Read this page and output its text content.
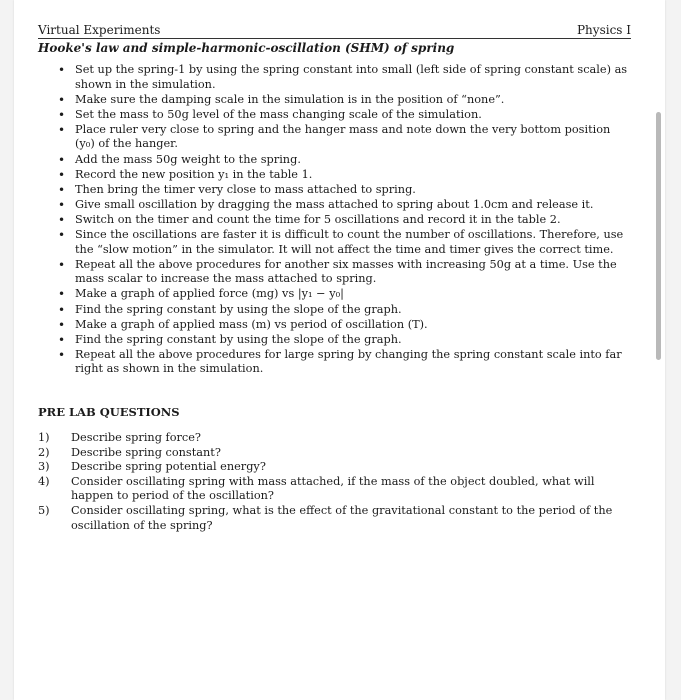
Virtual Experiments	Physics I
Hooke's law and simple-harmonic-oscillation (SHM) of spring
• Set up the spring-1 by using the spring constant into small (left side of spring constant scale) as shown in the simulation.
• Make sure the damping scale in the simulation is in the position of “none”.
• Set the mass to 50g level of the mass changing scale of the simulation.
• Place ruler very close to spring and the hanger mass and note down the very bottom position (y₀) of the hanger.
• Add the mass 50g weight to the spring.
• Record the new position y₁ in the table 1.
• Then bring the timer very close to mass attached to spring.
• Give small oscillation by dragging the mass attached to spring about 1.0cm and release it.
• Switch on the timer and count the time for 5 oscillations and record it in the table 2.
• Since the oscillations are faster it is difficult to count the number of oscillations. Therefore, use the “slow motion” in the simulator. It will not affect the time and timer gives the correct time.
• Repeat all the above procedures for another six masses with increasing 50g at a time. Use the mass scalar to increase the mass attached to spring.
• Make a graph of applied force (mg) vs |y₁ − y₀|
• Find the spring constant by using the slope of the graph.
• Make a graph of applied mass (m) vs period of oscillation (T).
• Find the spring constant by using the slope of the graph.
• Repeat all the above procedures for large spring by changing the spring constant scale into far right as shown in the simulation.
PRE LAB QUESTIONS
1) Describe spring force?
2) Describe spring constant?
3) Describe spring potential energy?
4) Consider oscillating spring with mass attached, if the mass of the object doubled, what will happen to period of the oscillation?
5) Consider oscillating spring, what is the effect of the gravitational constant to the period of the oscillation of the spring?
